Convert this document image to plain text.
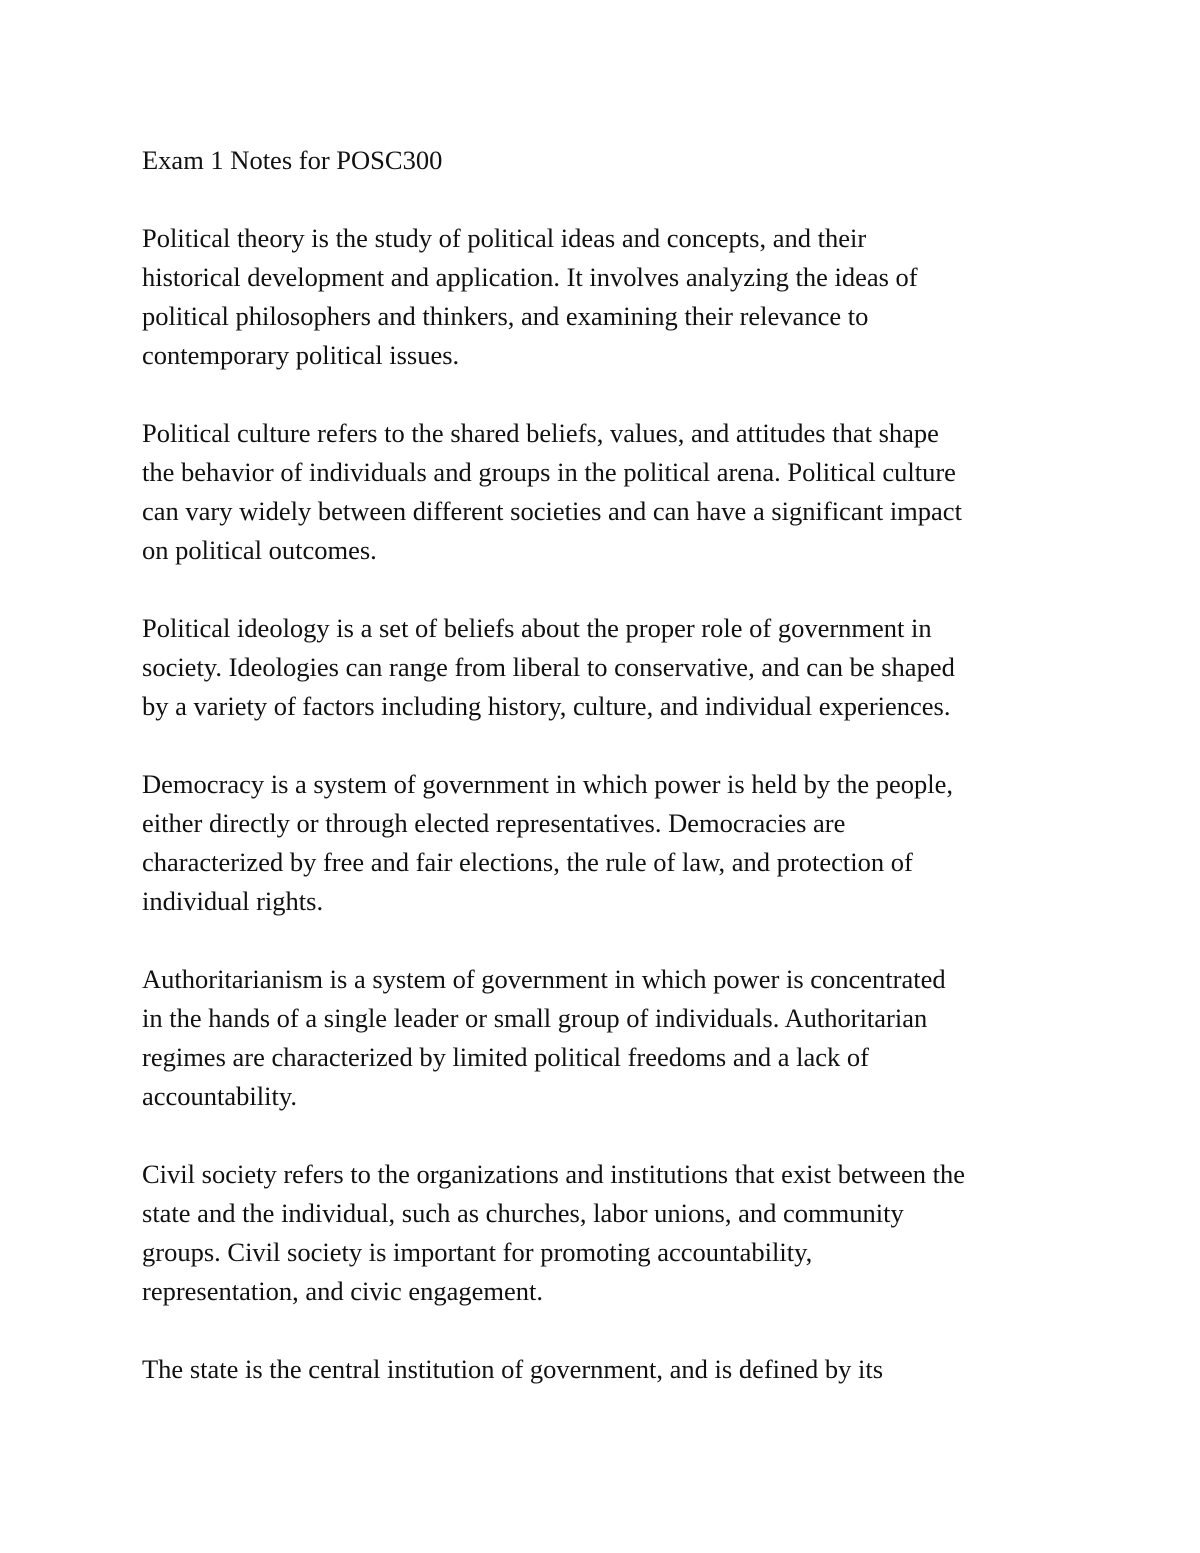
Exam 1 Notes for POSC300
Political theory is the study of political ideas and concepts, and their
historical development and application. It involves analyzing the ideas of
political philosophers and thinkers, and examining their relevance to
contemporary political issues.
Political culture refers to the shared beliefs, values, and attitudes that shape
the behavior of individuals and groups in the political arena. Political culture
can vary widely between different societies and can have a significant impact
on political outcomes.
Political ideology is a set of beliefs about the proper role of government in
society. Ideologies can range from liberal to conservative, and can be shaped
by a variety of factors including history, culture, and individual experiences.
Democracy is a system of government in which power is held by the people,
either directly or through elected representatives. Democracies are
characterized by free and fair elections, the rule of law, and protection of
individual rights.
Authoritarianism is a system of government in which power is concentrated
in the hands of a single leader or small group of individuals. Authoritarian
regimes are characterized by limited political freedoms and a lack of
accountability.
Civil society refers to the organizations and institutions that exist between the
state and the individual, such as churches, labor unions, and community
groups. Civil society is important for promoting accountability,
representation, and civic engagement.
The state is the central institution of government, and is defined by its
